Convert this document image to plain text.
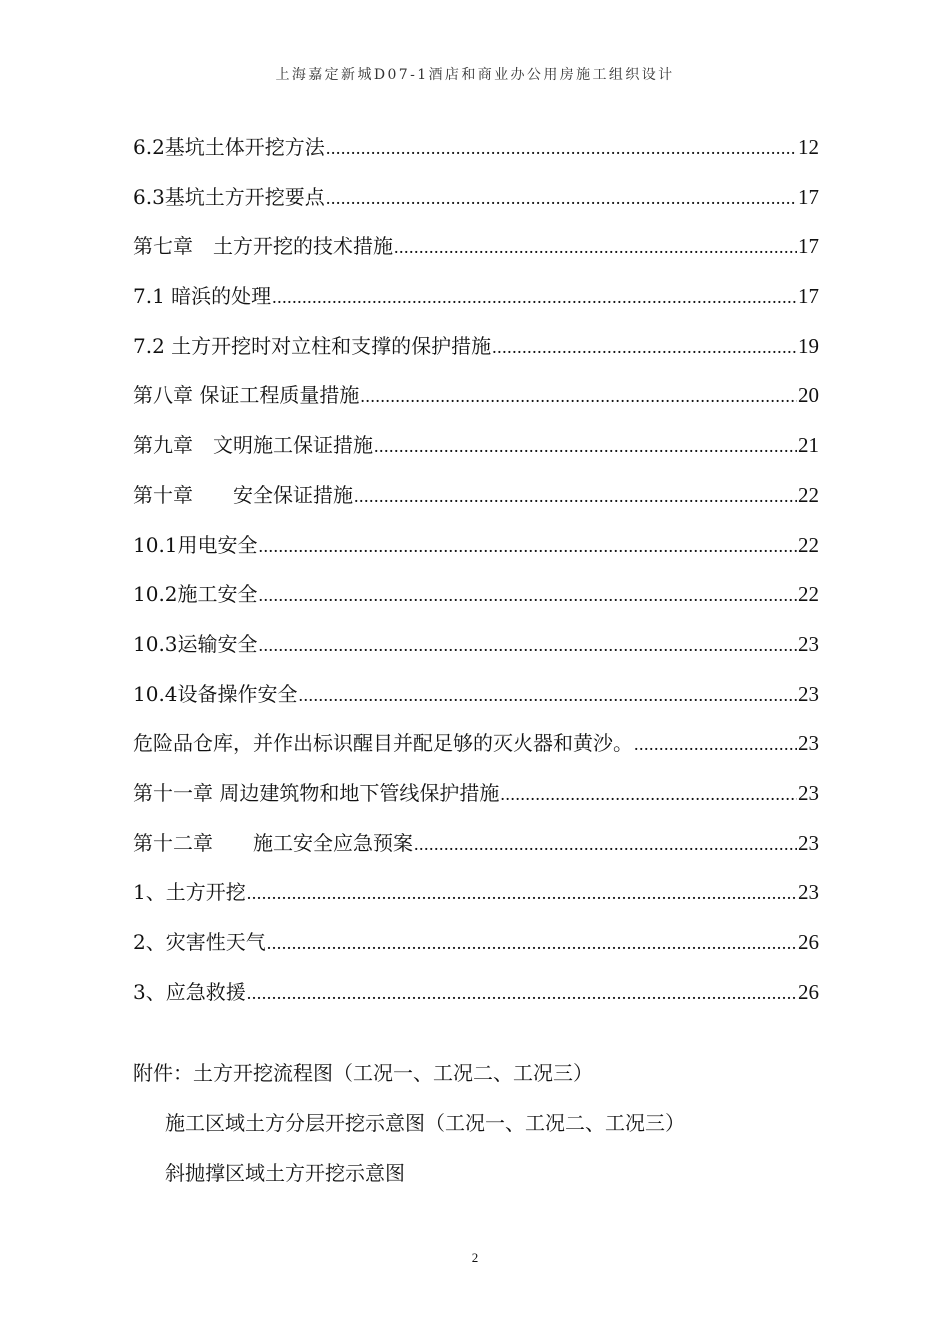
上海嘉定新城D07-1酒店和商业办公用房施工组织设计
6.2基坑土体开挖方法 .....	12
6.3基坑土方开挖要点 .....	17
第七章　土方开挖的技术措施 .....	17
7.1 暗浜的处理 .....	17
7.2 土方开挖时对立柱和支撑的保护措施 .....	19
第八章 保证工程质量措施 .....	20
第九章　文明施工保证措施 .....	21
第十章　　安全保证措施 .....	22
10.1用电安全 .....	22
10.2施工安全 .....	22
10.3运输安全 .....	23
10.4设备操作安全 .....	23
危险品仓库，并作出标识醒目并配足够的灭火器和黄沙。 .....	23
第十一章 周边建筑物和地下管线保护措施 .....	23
第十二章　　施工安全应急预案 .....	23
1、土方开挖 .....	23
2、灾害性天气 .....	26
3、应急救援 .....	26
附件：土方开挖流程图（工况一、工况二、工况三）
施工区域土方分层开挖示意图（工况一、工况二、工况三）
斜抛撑区域土方开挖示意图
2
